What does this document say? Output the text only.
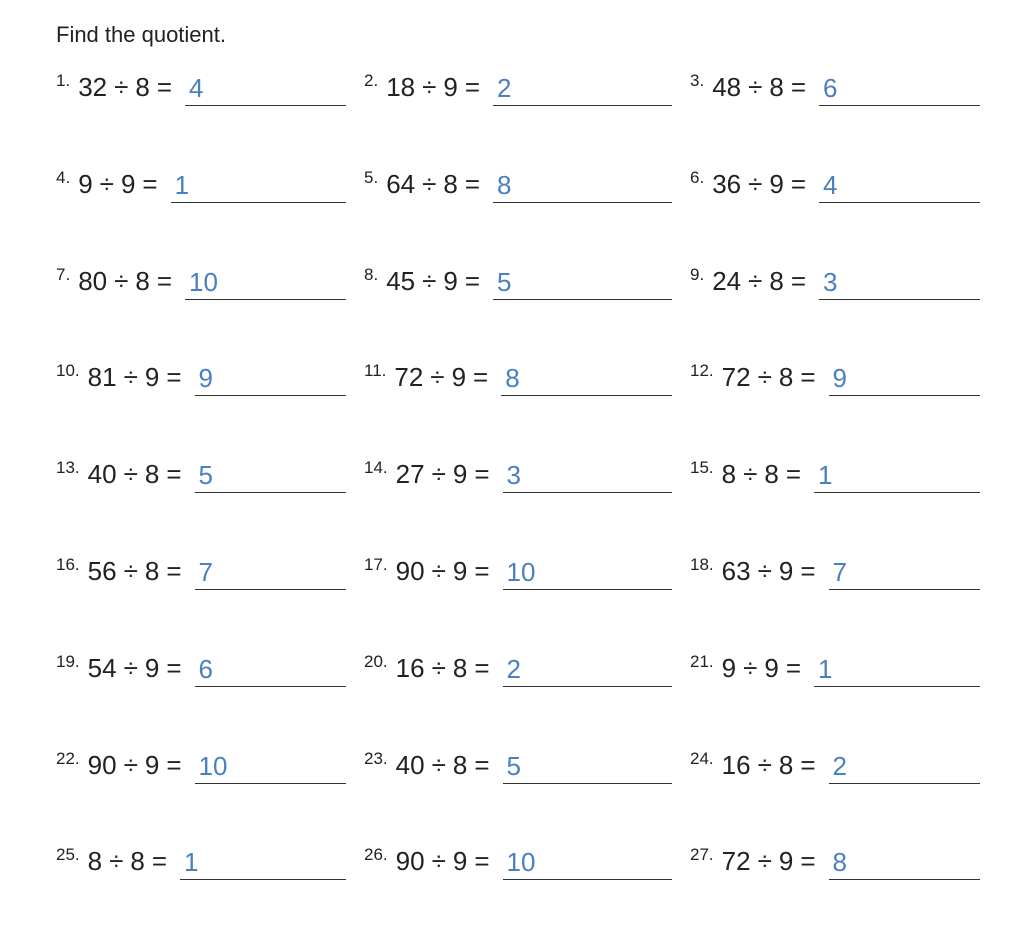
Find the quotient.
1. 32 ÷ 8 = 4	2. 18 ÷ 9 = 2	3. 48 ÷ 8 = 6
4. 9 ÷ 9 = 1	5. 64 ÷ 8 = 8	6. 36 ÷ 9 = 4
7. 80 ÷ 8 = 10	8. 45 ÷ 9 = 5	9. 24 ÷ 8 = 3
10. 81 ÷ 9 = 9	11. 72 ÷ 9 = 8	12. 72 ÷ 8 = 9
13. 40 ÷ 8 = 5	14. 27 ÷ 9 = 3	15. 8 ÷ 8 = 1
16. 56 ÷ 8 = 7	17. 90 ÷ 9 = 10	18. 63 ÷ 9 = 7
19. 54 ÷ 9 = 6	20. 16 ÷ 8 = 2	21. 9 ÷ 9 = 1
22. 90 ÷ 9 = 10	23. 40 ÷ 8 = 5	24. 16 ÷ 8 = 2
25. 8 ÷ 8 = 1	26. 90 ÷ 9 = 10	27. 72 ÷ 9 = 8
